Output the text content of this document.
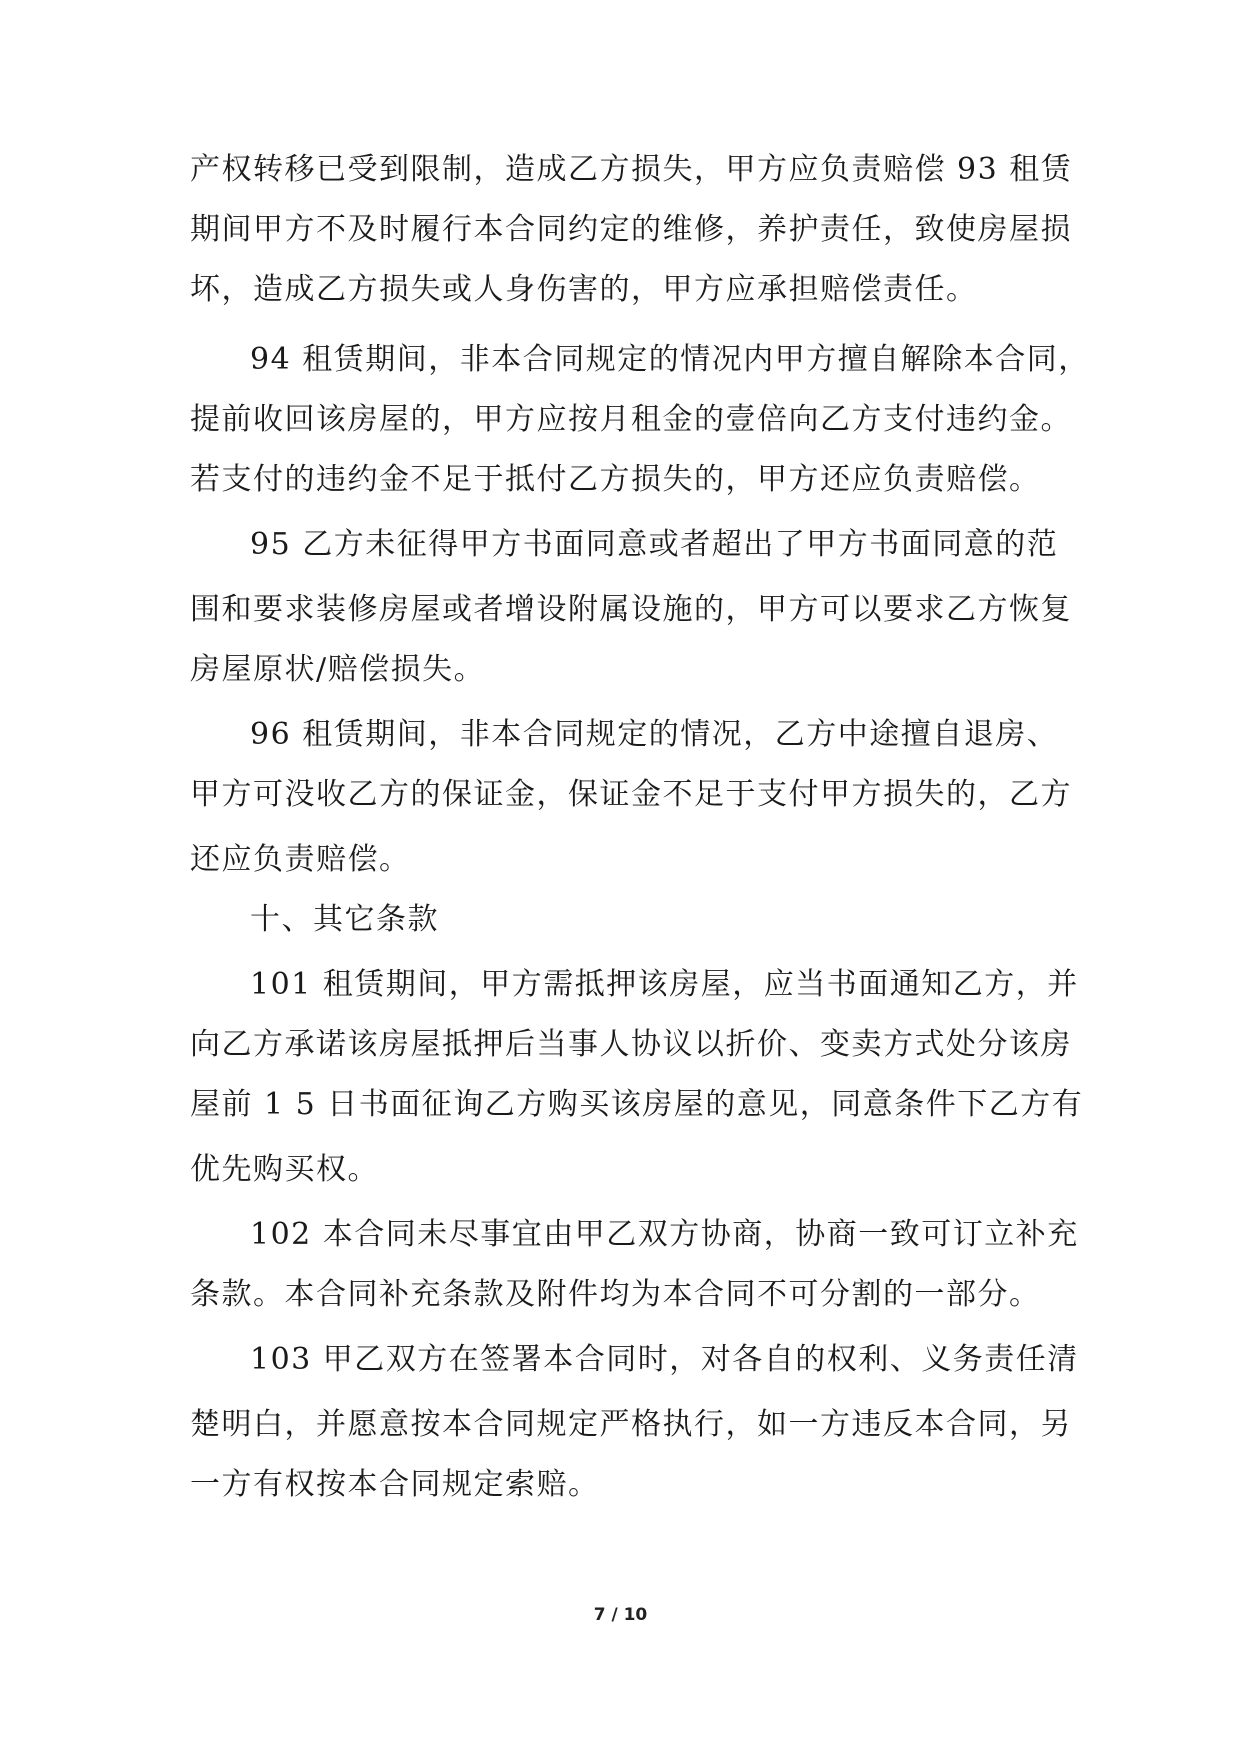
产权转移已受到限制，造成乙方损失，甲方应负责赔偿 93 租赁
期间甲方不及时履行本合同约定的维修，养护责任，致使房屋损
坏，造成乙方损失或人身伤害的，甲方应承担赔偿责任。
94 租赁期间，非本合同规定的情况内甲方擅自解除本合同，
提前收回该房屋的，甲方应按月租金的壹倍向乙方支付违约金。
若支付的违约金不足于抵付乙方损失的，甲方还应负责赔偿。
95 乙方未征得甲方书面同意或者超出了甲方书面同意的范
围和要求装修房屋或者增设附属设施的，甲方可以要求乙方恢复
房屋原状/赔偿损失。
96 租赁期间，非本合同规定的情况，乙方中途擅自退房、
甲方可没收乙方的保证金，保证金不足于支付甲方损失的，乙方
还应负责赔偿。
十、其它条款
101 租赁期间，甲方需抵押该房屋，应当书面通知乙方，并
向乙方承诺该房屋抵押后当事人协议以折价、变卖方式处分该房
屋前 1 5 日书面征询乙方购买该房屋的意见，同意条件下乙方有
优先购买权。
102 本合同未尽事宜由甲乙双方协商，协商一致可订立补充
条款。本合同补充条款及附件均为本合同不可分割的一部分。
103 甲乙双方在签署本合同时，对各自的权利、义务责任清
楚明白，并愿意按本合同规定严格执行，如一方违反本合同，另
一方有权按本合同规定索赔。
7 / 10
